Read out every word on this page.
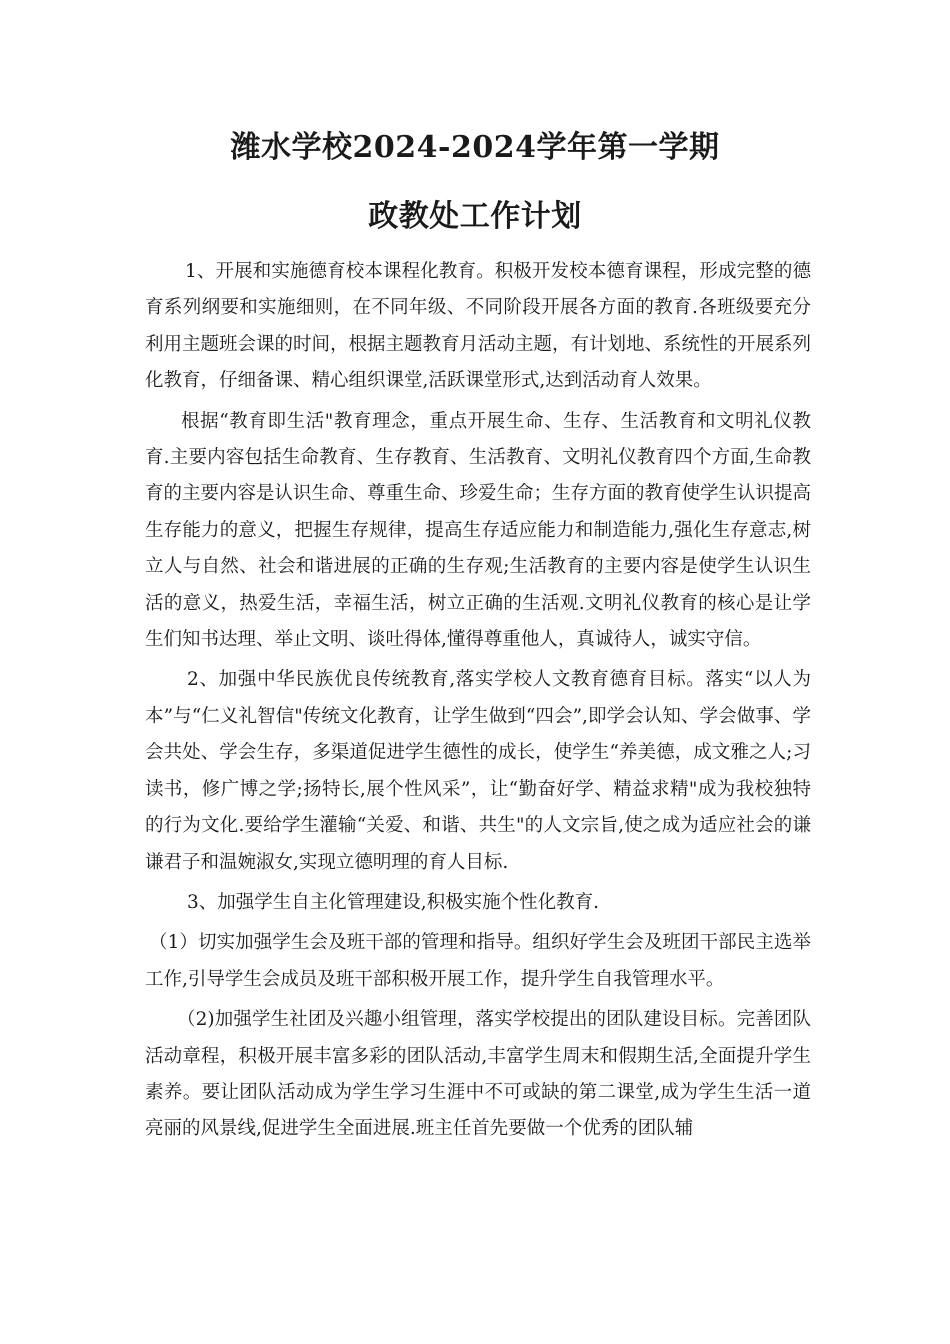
潍水学校2024-2024学年第一学期
政教处工作计划

1、开展和实施德育校本课程化教育。积极开发校本德育课程，形成完整的德育系列纲要和实施细则，在不同年级、不同阶段开展各方面的教育.各班级要充分利用主题班会课的时间，根据主题教育月活动主题，有计划地、系统性的开展系列化教育，仔细备课、精心组织课堂,活跃课堂形式,达到活动育人效果。

根据“教育即生活"教育理念，重点开展生命、生存、生活教育和文明礼仪教育.主要内容包括生命教育、生存教育、生活教育、文明礼仪教育四个方面,生命教育的主要内容是认识生命、尊重生命、珍爱生命；生存方面的教育使学生认识提高生存能力的意义，把握生存规律，提高生存适应能力和制造能力,强化生存意志,树立人与自然、社会和谐进展的正确的生存观;生活教育的主要内容是使学生认识生活的意义，热爱生活，幸福生活，树立正确的生活观.文明礼仪教育的核心是让学生们知书达理、举止文明、谈吐得体,懂得尊重他人，真诚待人，诚实守信。

2、加强中华民族优良传统教育,落实学校人文教育德育目标。落实“以人为本”与“仁义礼智信"传统文化教育，让学生做到“四会”,即学会认知、学会做事、学会共处、学会生存，多渠道促进学生德性的成长，使学生“养美德，成文雅之人;习读书，修广博之学;扬特长,展个性风采”，让“勤奋好学、精益求精"成为我校独特的行为文化.要给学生灌输“关爱、和谐、共生"的人文宗旨,使之成为适应社会的谦谦君子和温婉淑女,实现立德明理的育人目标.

3、加强学生自主化管理建设,积极实施个性化教育.

（1）切实加强学生会及班干部的管理和指导。组织好学生会及班团干部民主选举工作,引导学生会成员及班干部积极开展工作，提升学生自我管理水平。

（2)加强学生社团及兴趣小组管理，落实学校提出的团队建设目标。完善团队活动章程，积极开展丰富多彩的团队活动,丰富学生周末和假期生活,全面提升学生素养。要让团队活动成为学生学习生涯中不可或缺的第二课堂,成为学生生活一道亮丽的风景线,促进学生全面进展.班主任首先要做一个优秀的团队辅
